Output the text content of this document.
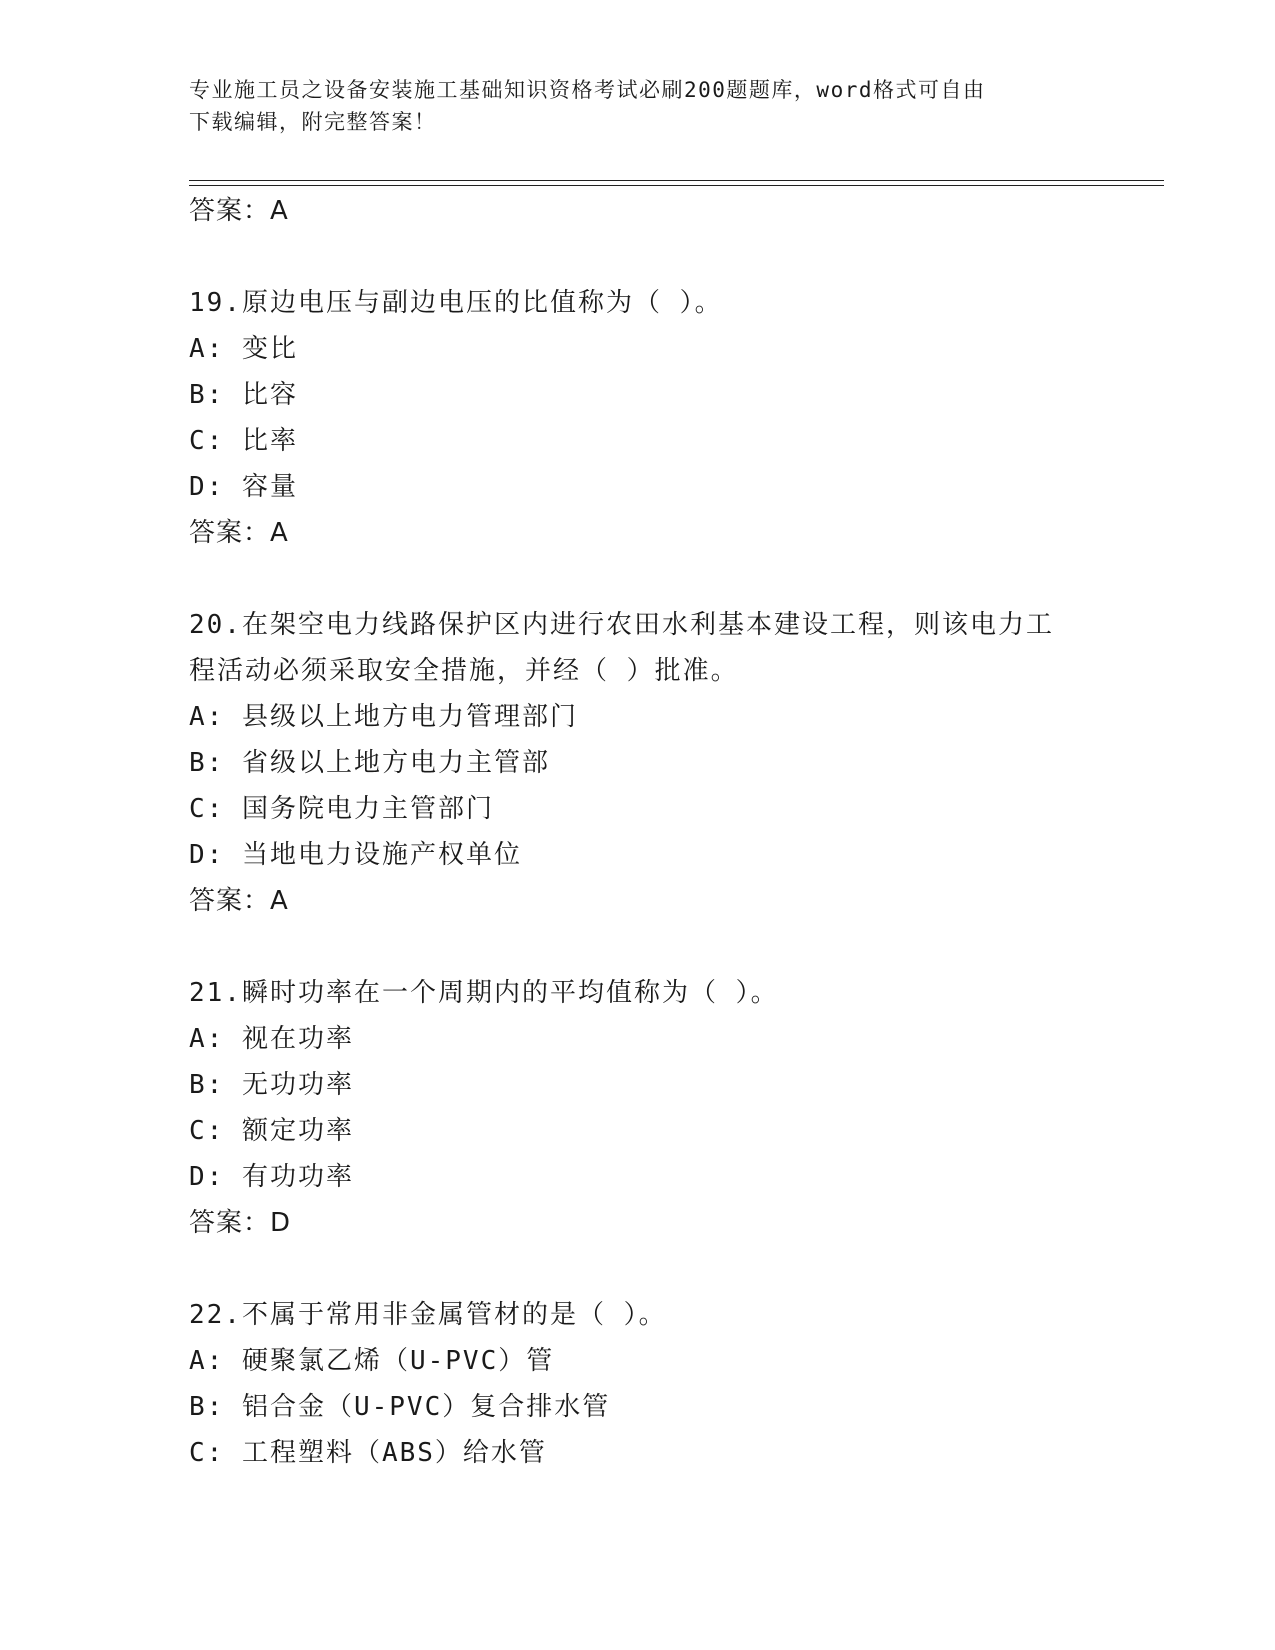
专业施工员之设备安装施工基础知识资格考试必刷200题题库，word格式可自由
下载编辑，附完整答案！
答案：A
19.原边电压与副边电压的比值称为（ ）。
A: 变比
B: 比容
C: 比率
D: 容量
答案：A
20.在架空电力线路保护区内进行农田水利基本建设工程，则该电力工
程活动必须采取安全措施，并经（ ）批准。
A: 县级以上地方电力管理部门
B: 省级以上地方电力主管部
C: 国务院电力主管部门
D: 当地电力设施产权单位
答案：A
21.瞬时功率在一个周期内的平均值称为（ ）。
A: 视在功率
B: 无功功率
C: 额定功率
D: 有功功率
答案：D
22.不属于常用非金属管材的是（ ）。
A: 硬聚氯乙烯（U-PVC）管
B: 铝合金（U-PVC）复合排水管
C: 工程塑料（ABS）给水管
